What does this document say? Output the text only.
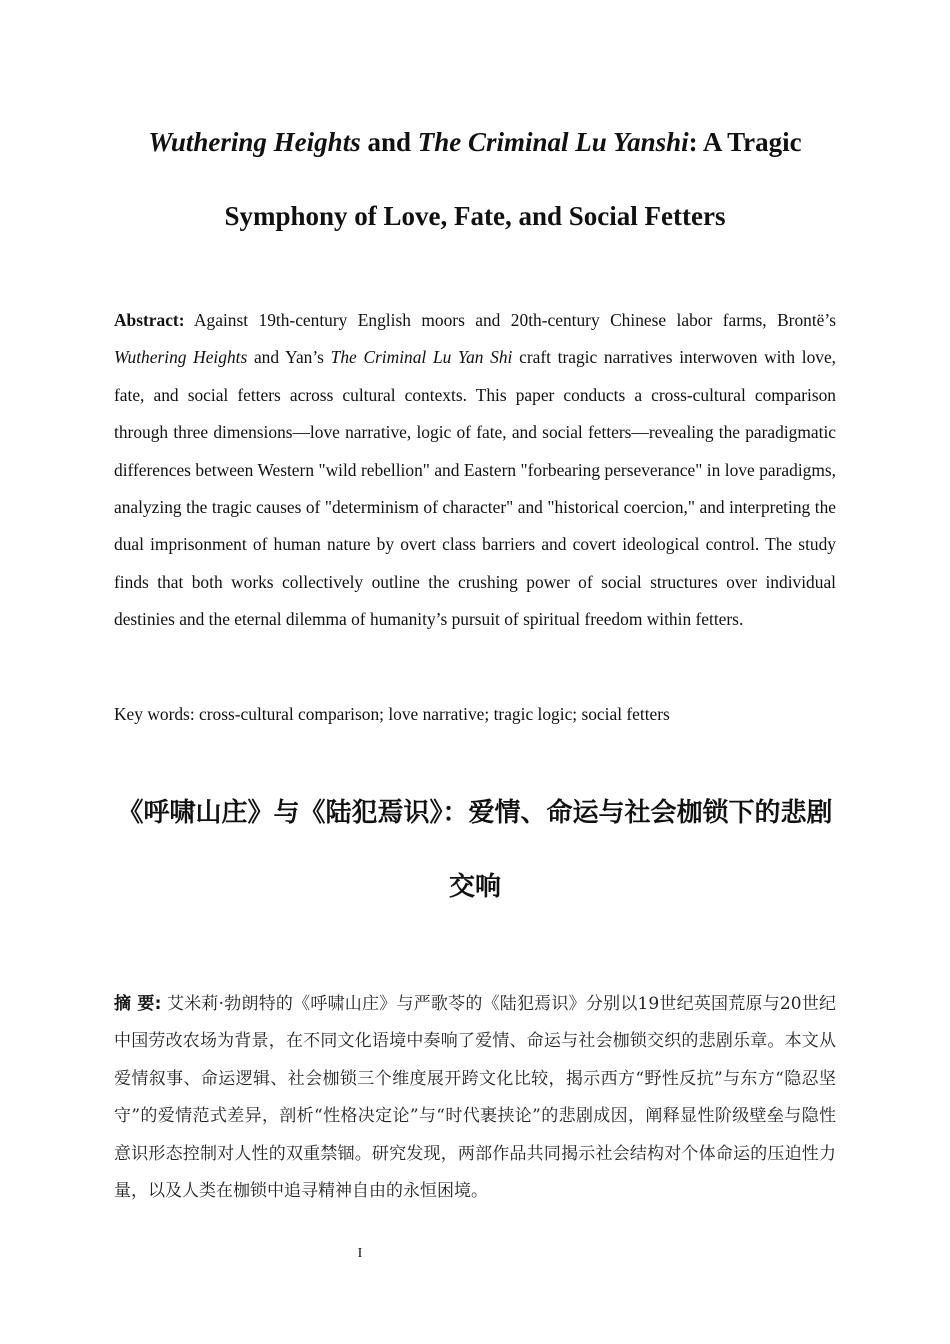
Wuthering Heights and The Criminal Lu Yanshi: A Tragic Symphony of Love, Fate, and Social Fetters

Abstract: Against 19th-century English moors and 20th-century Chinese labor farms, Brontë’s Wuthering Heights and Yan’s The Criminal Lu Yan Shi craft tragic narratives interwoven with love, fate, and social fetters across cultural contexts. This paper conducts a cross-cultural comparison through three dimensions—love narrative, logic of fate, and social fetters—revealing the paradigmatic differences between Western "wild rebellion" and Eastern "forbearing perseverance" in love paradigms, analyzing the tragic causes of "determinism of character" and "historical coercion," and interpreting the dual imprisonment of human nature by overt class barriers and covert ideological control. The study finds that both works collectively outline the crushing power of social structures over individual destinies and the eternal dilemma of humanity’s pursuit of spiritual freedom within fetters.

Key words: cross-cultural comparison; love narrative; tragic logic; social fetters

《呼啸山庄》与《陆犯焉识》：爱情、命运与社会枷锁下的悲剧交响

摘 要: 艾米莉·勃朗特的《呼啸山庄》与严歌苓的《陆犯焉识》分别以19世纪英国荒原与20世纪中国劳改农场为背景，在不同文化语境中奏响了爱情、命运与社会枷锁交织的悲剧乐章。本文从爱情叙事、命运逻辑、社会枷锁三个维度展开跨文化比较，揭示西方“野性反抗”与东方“隐忍坚守”的爱情范式差异，剖析“性格决定论”与“时代裹挟论”的悲剧成因，阐释显性阶级壁垒与隐性意识形态控制对人性的双重禁锢。研究发现，两部作品共同揭示社会结构对个体命运的压迫性力量，以及人类在枷锁中追寻精神自由的永恒困境。

I
